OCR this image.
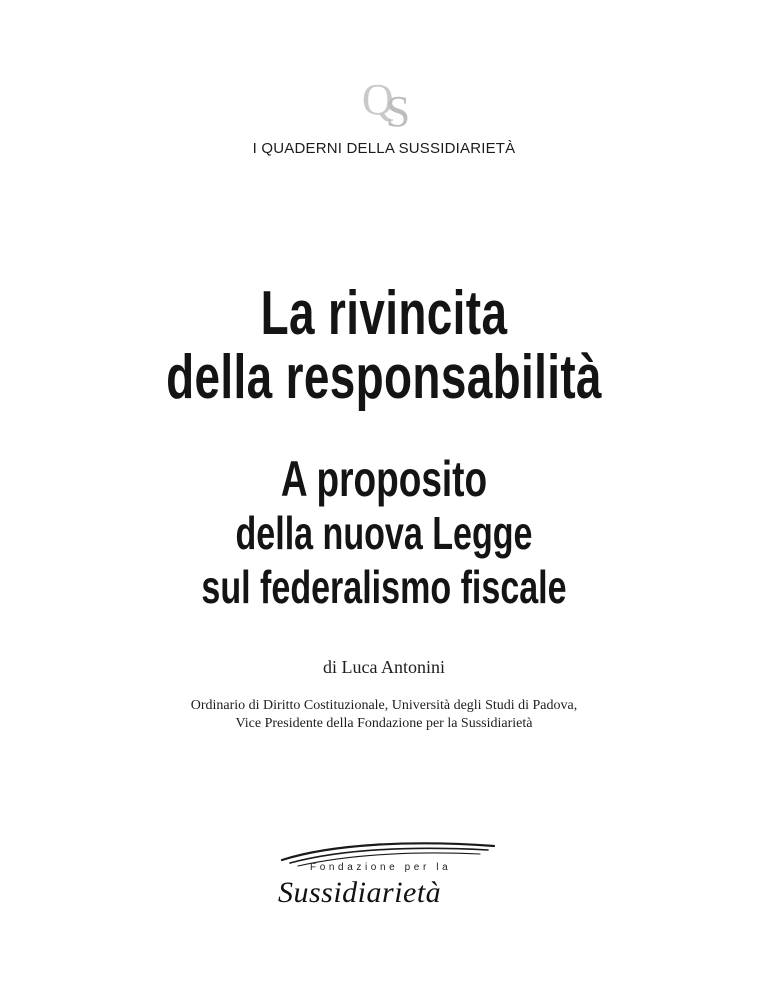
QS
I QUADERNI DELLA SUSSIDIARIETÀ
La rivincita
della responsabilità
A proposito
della nuova Legge
sul federalismo fiscale
di Luca Antonini
Ordinario di Diritto Costituzionale, Università degli Studi di Padova,
Vice Presidente della Fondazione per la Sussidiarietà
Fondazione per la
Sussidiarietà
